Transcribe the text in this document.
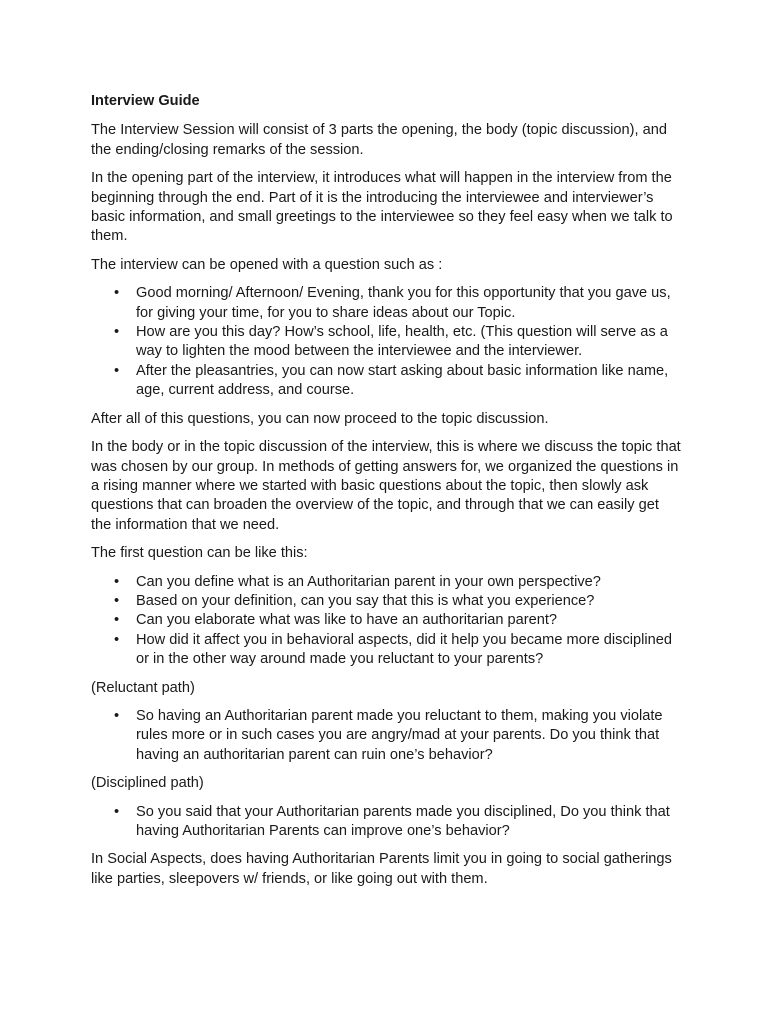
Interview Guide

The Interview Session will consist of 3 parts the opening, the body (topic discussion), and the ending/closing remarks of the session.

In the opening part of the interview, it introduces what will happen in the interview from the beginning through the end. Part of it is the introducing the interviewee and interviewer’s basic information, and small greetings to the interviewee so they feel easy when we talk to them.

The interview can be opened with a question such as :

• Good morning/ Afternoon/ Evening, thank you for this opportunity that you gave us, for giving your time, for you to share ideas about our Topic.
• How are you this day? How’s school, life, health, etc. (This question will serve as a way to lighten the mood between the interviewee and the interviewer.
• After the pleasantries, you can now start asking about basic information like name, age, current address, and course.

After all of this questions, you can now proceed to the topic discussion.

In the body or in the topic discussion of the interview, this is where we discuss the topic that was chosen by our group. In methods of getting answers for, we organized the questions in a rising manner where we started with basic questions about the topic, then slowly ask questions that can broaden the overview of the topic, and through that we can easily get the information that we need.

The first question can be like this:

• Can you define what is an Authoritarian parent in your own perspective?
• Based on your definition, can you say that this is what you experience?
• Can you elaborate what was like to have an authoritarian parent?
• How did it affect you in behavioral aspects, did it help you became more disciplined or in the other way around made you reluctant to your parents?

(Reluctant path)

• So having an Authoritarian parent made you reluctant to them, making you violate rules more or in such cases you are angry/mad at your parents. Do you think that having an authoritarian parent can ruin one’s behavior?

(Disciplined path)

• So you said that your Authoritarian parents made you disciplined, Do you think that having Authoritarian Parents can improve one’s behavior?

In Social Aspects, does having Authoritarian Parents limit you in going to social gatherings like parties, sleepovers w/ friends, or like going out with them.
